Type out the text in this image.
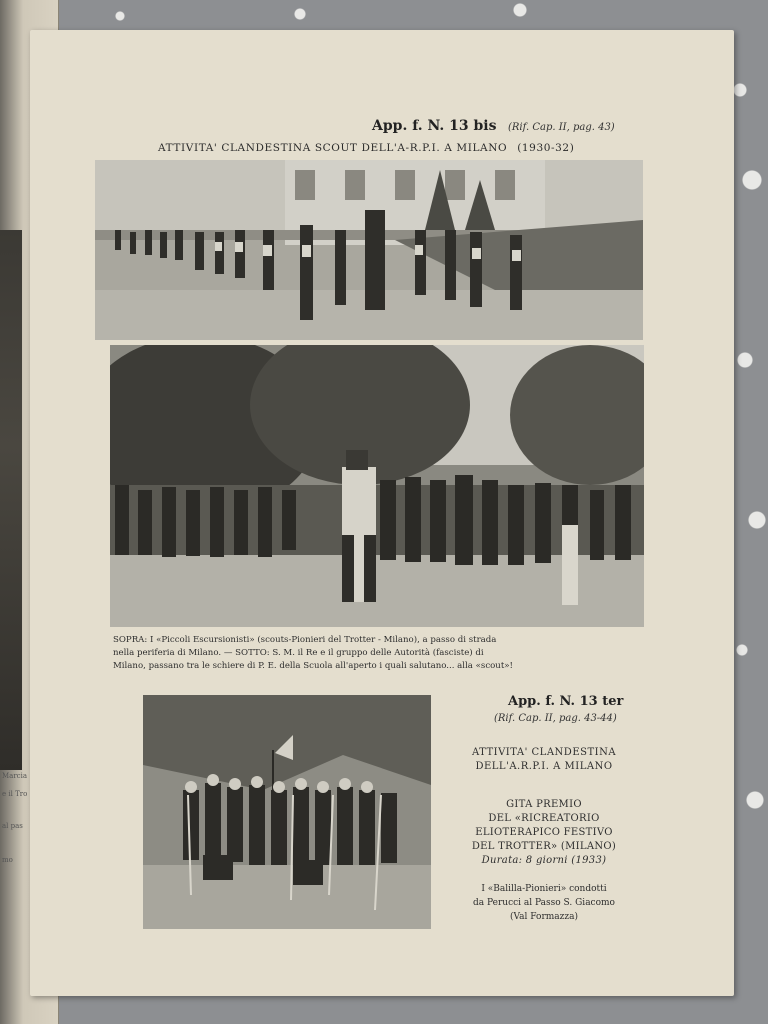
Marcia
e il Tro
al pas
mo
App. f. N. 13 bis (Rif. Cap. II, pag. 43)
ATTIVITA' CLANDESTINA SCOUT DELL'A-R.P.I. A MILANO (1930-32)
SOPRA: I «Piccoli Escursionisti» (scouts-Pionieri del Trotter - Milano), a passo di strada
nella periferia di Milano. — SOTTO: S. M. il Re e il gruppo delle Autorità (fasciste) di
Milano, passano tra le schiere di P. E. della Scuola all'aperto i quali salutano... alla «scout»!
App. f. N. 13 ter
(Rif. Cap. II, pag. 43-44)
ATTIVITA' CLANDESTINA
DELL'A.R.P.I. A MILANO
GITA PREMIO
DEL «RICREATORIO
ELIOTERAPICO FESTIVO
DEL TROTTER» (MILANO)
Durata: 8 giorni (1933)
I «Balilla-Pionieri» condotti
da Perucci al Passo S. Giacomo
(Val Formazza)
